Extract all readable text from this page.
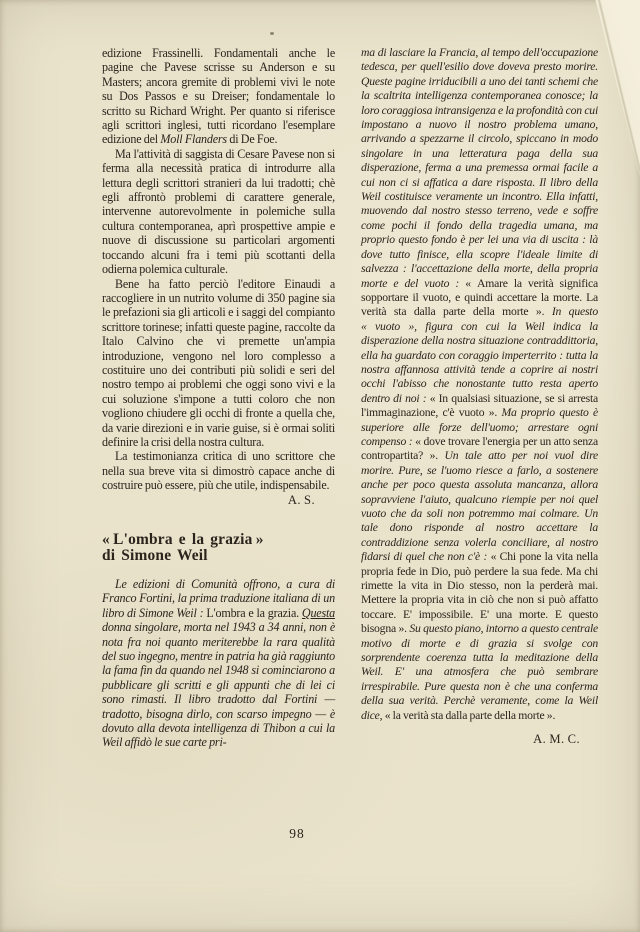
edizione Frassinelli. Fondamentali anche le pagine che Pavese scrisse su Anderson e su Masters; ancora gremite di problemi vivi le note su Dos Passos e su Dreiser; fondamentale lo scritto su Richard Wright. Per quanto si riferisce agli scrittori inglesi, tutti ricordano l'esemplare edizione del Moll Flanders di De Foe.

Ma l'attività di saggista di Cesare Pavese non si ferma alla necessità pratica di introdurre alla lettura degli scrittori stranieri da lui tradotti; chè egli affrontò problemi di carattere generale, intervenne autorevolmente in polemiche sulla cultura contemporanea, aprì prospettive ampie e nuove di discussione su particolari argomenti toccando alcuni fra i temi più scottanti della odierna polemica culturale.

Bene ha fatto perciò l'editore Einaudi a raccogliere in un nutrito volume di 350 pagine sia le prefazioni sia gli articoli e i saggi del compianto scrittore torinese; infatti queste pagine, raccolte da Italo Calvino che vi premette un'ampia introduzione, vengono nel loro complesso a costituire uno dei contributi più solidi e seri del nostro tempo ai problemi che oggi sono vivi e la cui soluzione s'impone a tutti coloro che non vogliono chiudere gli occhi di fronte a quella che, da varie direzioni e in varie guise, si è ormai soliti definire la crisi della nostra cultura.

La testimonianza critica di uno scrittore che nella sua breve vita si dimostrò capace anche di costruire può essere, più che utile, indispensabile.

A. S.

« L'ombra e la grazia »
di Simone Weil

Le edizioni di Comunità offrono, a cura di Franco Fortini, la prima traduzione italiana di un libro di Simone Weil : L'ombra e la grazia. Questa donna singolare, morta nel 1943 a 34 anni, non è nota fra noi quanto meriterebbe la rara qualità del suo ingegno, mentre in patria ha già raggiunto la fama fin da quando nel 1948 si cominciarono a pubblicare gli scritti e gli appunti che di lei ci sono rimasti. Il libro tradotto dal Fortini — tradotto, bisogna dirlo, con scarso impegno — è dovuto alla devota intelligenza di Thibon a cui la Weil affidò le sue carte pri-

ma di lasciare la Francia, al tempo dell'occupazione tedesca, per quell'esilio dove doveva presto morire. Queste pagine irriducibili a uno dei tanti schemi che la scaltrita intelligenza contemporanea conosce; la loro coraggiosa intransigenza e la profondità con cui impostano a nuovo il nostro problema umano, arrivando a spezzarne il circolo, spiccano in modo singolare in una letteratura paga della sua disperazione, ferma a una premessa ormai facile a cui non ci si affatica a dare risposta. Il libro della Weil costituisce veramente un incontro. Ella infatti, muovendo dal nostro stesso terreno, vede e soffre come pochi il fondo della tragedia umana, ma proprio questo fondo è per lei una via di uscita : là dove tutto finisce, ella scopre l'ideale limite di salvezza : l'accettazione della morte, della propria morte e del vuoto : « Amare la verità significa sopportare il vuoto, e quindi accettare la morte. La verità sta dalla parte della morte ». In questo « vuoto », figura con cui la Weil indica la disperazione della nostra situazione contraddittoria, ella ha guardato con coraggio imperterrito : tutta la nostra affannosa attività tende a coprire ai nostri occhi l'abisso che nonostante tutto resta aperto dentro di noi : « In qualsiasi situazione, se si arresta l'immaginazione, c'è vuoto ». Ma proprio questo è superiore alle forze dell'uomo; arrestare ogni compenso : « dove trovare l'energia per un atto senza contropartita? ». Un tale atto per noi vuol dire morire. Pure, se l'uomo riesce a farlo, a sostenere anche per poco questa assoluta mancanza, allora sopravviene l'aiuto, qualcuno riempie per noi quel vuoto che da soli non potremmo mai colmare. Un tale dono risponde al nostro accettare la contraddizione senza volerla conciliare, al nostro fidarsi di quel che non c'è : « Chi pone la vita nella propria fede in Dio, può perdere la sua fede. Ma chi rimette la vita in Dio stesso, non la perderà mai. Mettere la propria vita in ciò che non si può affatto toccare. E' impossibile. E' una morte. E questo bisogna ». Su questo piano, intorno a questo centrale motivo di morte e di grazia si svolge con sorprendente coerenza tutta la meditazione della Weil. E' una atmosfera che può sembrare irrespirabile. Pure questa non è che una conferma della sua verità. Perchè veramente, come la Weil dice, « la verità sta dalla parte della morte ».

A. M. C.

98
